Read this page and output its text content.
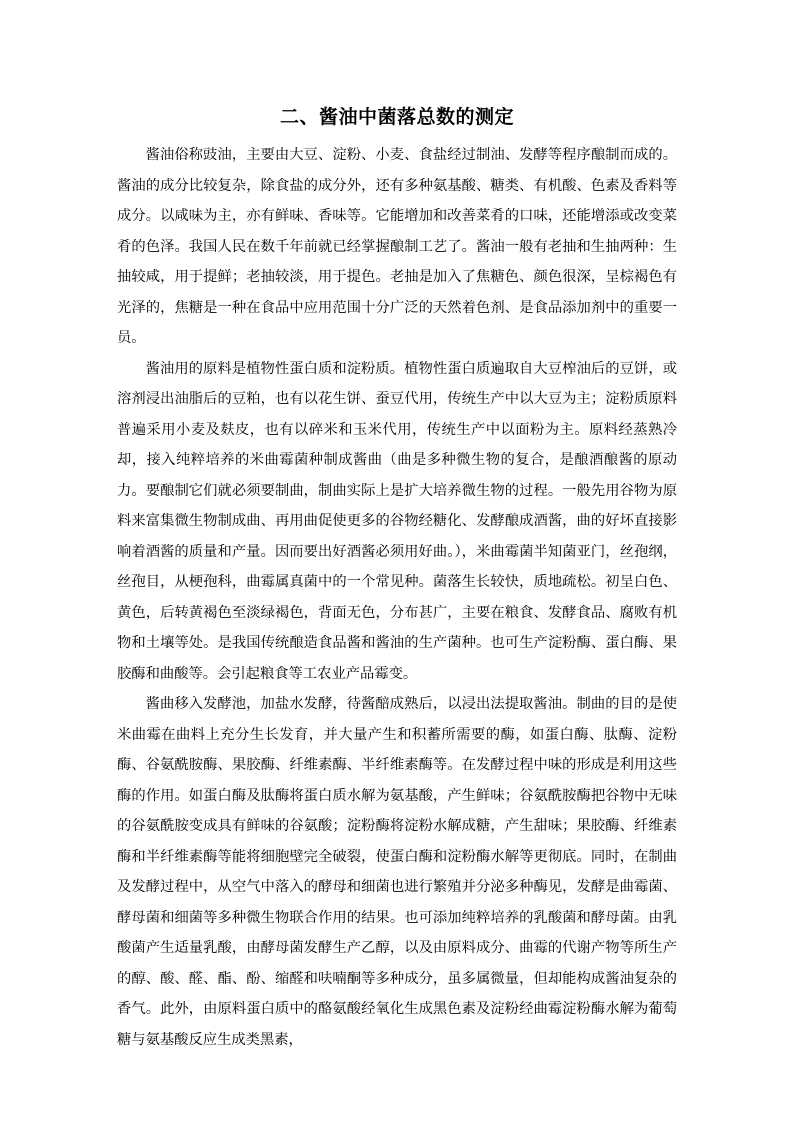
二、酱油中菌落总数的测定

酱油俗称豉油，主要由大豆、淀粉、小麦、食盐经过制油、发酵等程序酿制而成的。酱油的成分比较复杂，除食盐的成分外，还有多种氨基酸、糖类、有机酸、色素及香料等成分。以咸味为主，亦有鲜味、香味等。它能增加和改善菜肴的口味，还能增添或改变菜肴的色泽。我国人民在数千年前就已经掌握酿制工艺了。酱油一般有老抽和生抽两种：生抽较咸，用于提鲜；老抽较淡，用于提色。老抽是加入了焦糖色、颜色很深，呈棕褐色有光泽的，焦糖是一种在食品中应用范围十分广泛的天然着色剂、是食品添加剂中的重要一员。

酱油用的原料是植物性蛋白质和淀粉质。植物性蛋白质遍取自大豆榨油后的豆饼，或溶剂浸出油脂后的豆粕，也有以花生饼、蚕豆代用，传统生产中以大豆为主；淀粉质原料普遍采用小麦及麸皮，也有以碎米和玉米代用，传统生产中以面粉为主。原料经蒸熟冷却，接入纯粹培养的米曲霉菌种制成酱曲（曲是多种微生物的复合，是酿酒酿酱的原动力。要酿制它们就必须要制曲，制曲实际上是扩大培养微生物的过程。一般先用谷物为原料来富集微生物制成曲、再用曲促使更多的谷物经糖化、发酵酿成酒酱，曲的好坏直接影响着酒酱的质量和产量。因而要出好酒酱必须用好曲。），米曲霉菌半知菌亚门，丝孢纲，丝孢目，从梗孢科，曲霉属真菌中的一个常见种。菌落生长较快，质地疏松。初呈白色、黄色，后转黄褐色至淡绿褐色，背面无色，分布甚广，主要在粮食、发酵食品、腐败有机物和土壤等处。是我国传统酿造食品酱和酱油的生产菌种。也可生产淀粉酶、蛋白酶、果胶酶和曲酸等。会引起粮食等工农业产品霉变。

酱曲移入发酵池，加盐水发酵，待酱醅成熟后，以浸出法提取酱油。制曲的目的是使米曲霉在曲料上充分生长发育，并大量产生和积蓄所需要的酶，如蛋白酶、肽酶、淀粉酶、谷氨酰胺酶、果胶酶、纤维素酶、半纤维素酶等。在发酵过程中味的形成是利用这些酶的作用。如蛋白酶及肽酶将蛋白质水解为氨基酸，产生鲜味；谷氨酰胺酶把谷物中无味的谷氨酰胺变成具有鲜味的谷氨酸；淀粉酶将淀粉水解成糖，产生甜味；果胶酶、纤维素酶和半纤维素酶等能将细胞壁完全破裂，使蛋白酶和淀粉酶水解等更彻底。同时，在制曲及发酵过程中，从空气中落入的酵母和细菌也进行繁殖并分泌多种酶见，发酵是曲霉菌、酵母菌和细菌等多种微生物联合作用的结果。也可添加纯粹培养的乳酸菌和酵母菌。由乳酸菌产生适量乳酸，由酵母菌发酵生产乙醇，以及由原料成分、曲霉的代谢产物等所生产的醇、酸、醛、酯、酚、缩醛和呋喃酮等多种成分，虽多属微量，但却能构成酱油复杂的香气。此外，由原料蛋白质中的酪氨酸经氧化生成黑色素及淀粉经曲霉淀粉酶水解为葡萄糖与氨基酸反应生成类黑素，
